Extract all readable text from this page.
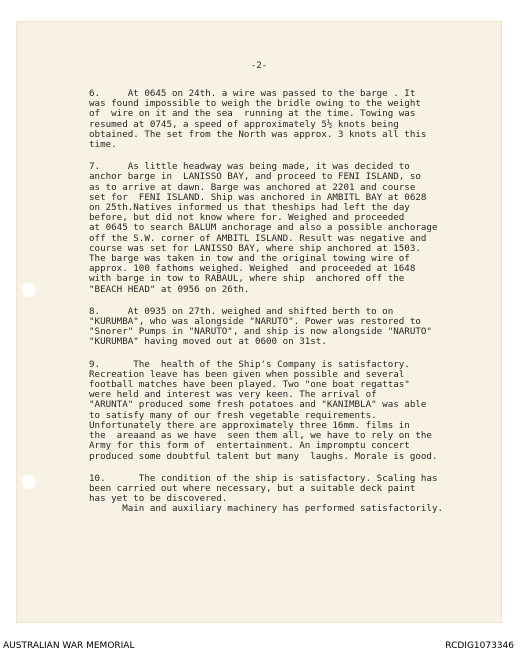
-2-
6.     At 0645 on 24th. a wire was passed to the barge . It
was found impossible to weigh the bridle owing to the weight
of  wire on it and the sea  running at the time. Towing was
resumed at 0745, a speed of approximately 5½ knots being
obtained. The set from the North was approx. 3 knots all this
time.
7.     As little headway was being made, it was decided to
anchor barge in  LANISSO BAY, and proceed to FENI ISLAND, so
as to arrive at dawn. Barge was anchored at 2201 and course
set for  FENI ISLAND. Ship was anchored in AMBITL BAY at 0628
on 25th.Natives informed us that theships had left the day
before, but did not know where for. Weighed and proceeded
at 0645 to search BALUM anchorage and also a possible anchorage
off the S.W. corner of AMBITL ISLAND. Result was negative and
course was set for LANISSO BAY, where ship anchored at 1503.
The barge was taken in tow and the original towing wire of
approx. 100 fathoms weighed. Weighed  and proceeded at 1648
with barge in tow to RABAUL, where ship  anchored off the
"BEACH HEAD" at 0956 on 26th.
8.     At 0935 on 27th. weighed and shifted berth to on
"KURUMBA", who was alongside "NARUTO". Power was restored to
"Snorer" Pumps in "NARUTO", and ship is now alongside "NARUTO"
"KURUMBA" having moved out at 0600 on 31st.
9.      The  health of the Ship's Company is satisfactory.
Recreation leave has been given when possible and several
football matches have been played. Two "one boat regattas"
were held and interest was very keen. The arrival of
"ARUNTA" produced some fresh potatoes and "KANIMBLA" was able
to satisfy many of our fresh vegetable requirements.
Unfortunately there are approximately three 16mm. films in
the  areaand as we have  seen them all, we have to rely on the
Army for this form of  entertainment. An impromptu concert
produced some doubtful talent but many  laughs. Morale is good.
10.      The condition of the ship is satisfactory. Scaling has
been carried out where necessary, but a suitable deck paint
has yet to be discovered.
Main and auxiliary machinery has performed satisfactorily.
AUSTRALIAN WAR MEMORIAL	RCDIG1073346
